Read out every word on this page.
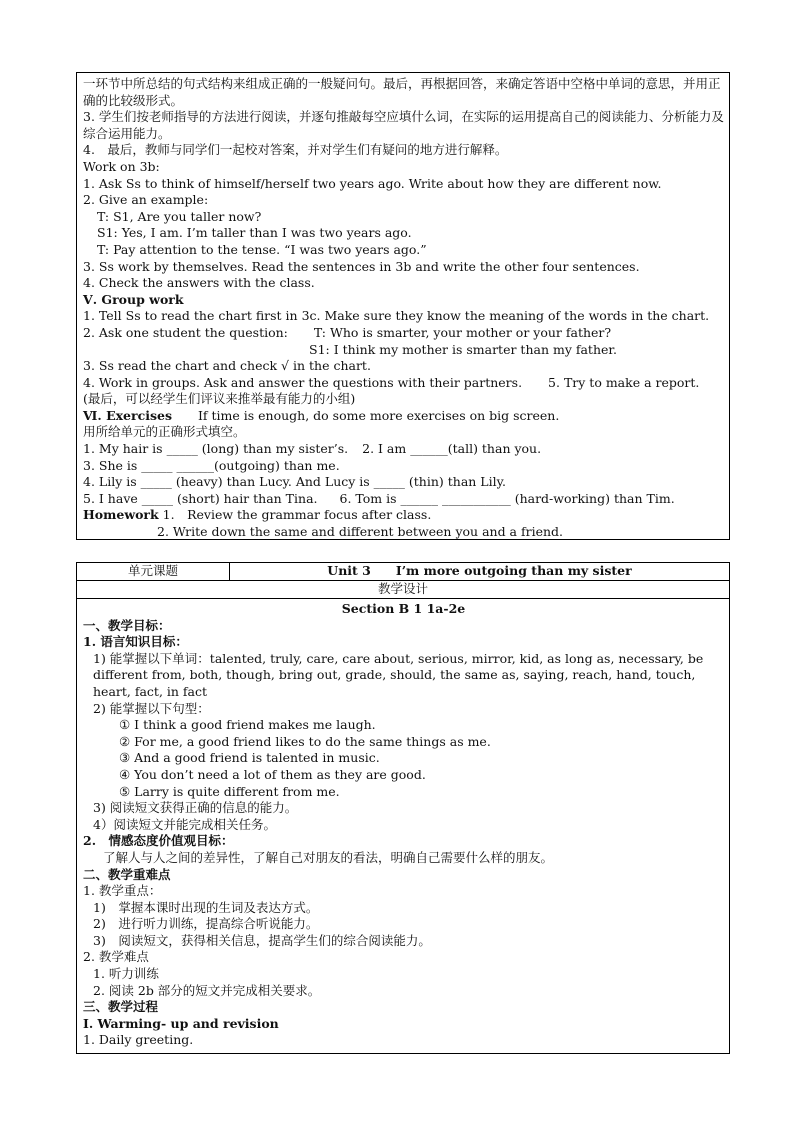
一环节中所总结的句式结构来组成正确的一般疑问句。最后，再根据回答，来确定答语中空格中单词的意思，并用正确的比较级形式。
3. 学生们按老师指导的方法进行阅读，并逐句推敲每空应填什么词，在实际的运用提高自己的阅读能力、分析能力及综合运用能力。
4.　最后，教师与同学们一起校对答案，并对学生们有疑问的地方进行解释。
Work on 3b:
1. Ask Ss to think of himself/herself two years ago. Write about how they are different now.
2. Give an example:
T: S1, Are you taller now?
S1: Yes, I am. I’m taller than I was two years ago.
T: Pay attention to the tense. “I was two years ago.”
3. Ss work by themselves. Read the sentences in 3b and write the other four sentences.
4. Check the answers with the class.
Ⅴ. Group work
1. Tell Ss to read the chart first in 3c. Make sure they know the meaning of the words in the chart.
2. Ask one student the question: T: Who is smarter, your mother or your father?
S1: I think my mother is smarter than my father.
3. Ss read the chart and check √ in the chart.
4. Work in groups. Ask and answer the questions with their partners. 5. Try to make a report.
(最后，可以经学生们评议来推举最有能力的小组)
Ⅵ. Exercises If time is enough, do some more exercises on big screen.
用所给单元的正确形式填空。
1. My hair is _____ (long) than my sister’s. 2. I am ______(tall) than you.
3. She is _____ ______(outgoing) than me.
4. Lily is _____ (heavy) than Lucy. And Lucy is _____ (thin) than Lily.
5. I have _____ (short) hair than Tina. 6. Tom is ______ ___________ (hard-working) than Tim.
Homework 1.　Review the grammar focus after class.
2. Write down the same and different between you and a friend.
单元课题	Unit 3　　I’m more outgoing than my sister
教学设计
Section B 1 1a-2e
一、教学目标：
1. 语言知识目标：
1) 能掌握以下单词：talented, truly, care, care about, serious, mirror, kid, as long as, necessary, be different from, both, though, bring out, grade, should, the same as, saying, reach, hand, touch, heart, fact, in fact
2) 能掌握以下句型：
① I think a good friend makes me laugh.
② For me, a good friend likes to do the same things as me.
③ And a good friend is talented in music.
④ You don’t need a lot of them as they are good.
⑤ Larry is quite different from me.
3) 阅读短文获得正确的信息的能力。
4）阅读短文并能完成相关任务。
2.　情感态度价值观目标：
了解人与人之间的差异性，了解自己对朋友的看法，明确自己需要什么样的朋友。
二、教学重难点
1. 教学重点：
1)　掌握本课时出现的生词及表达方式。
2)　进行听力训练，提高综合听说能力。
3)　阅读短文，获得相关信息，提高学生们的综合阅读能力。
2. 教学难点
1. 听力训练
2. 阅读 2b 部分的短文并完成相关要求。
三、教学过程
Ⅰ. Warming- up and revision
1. Daily greeting.
